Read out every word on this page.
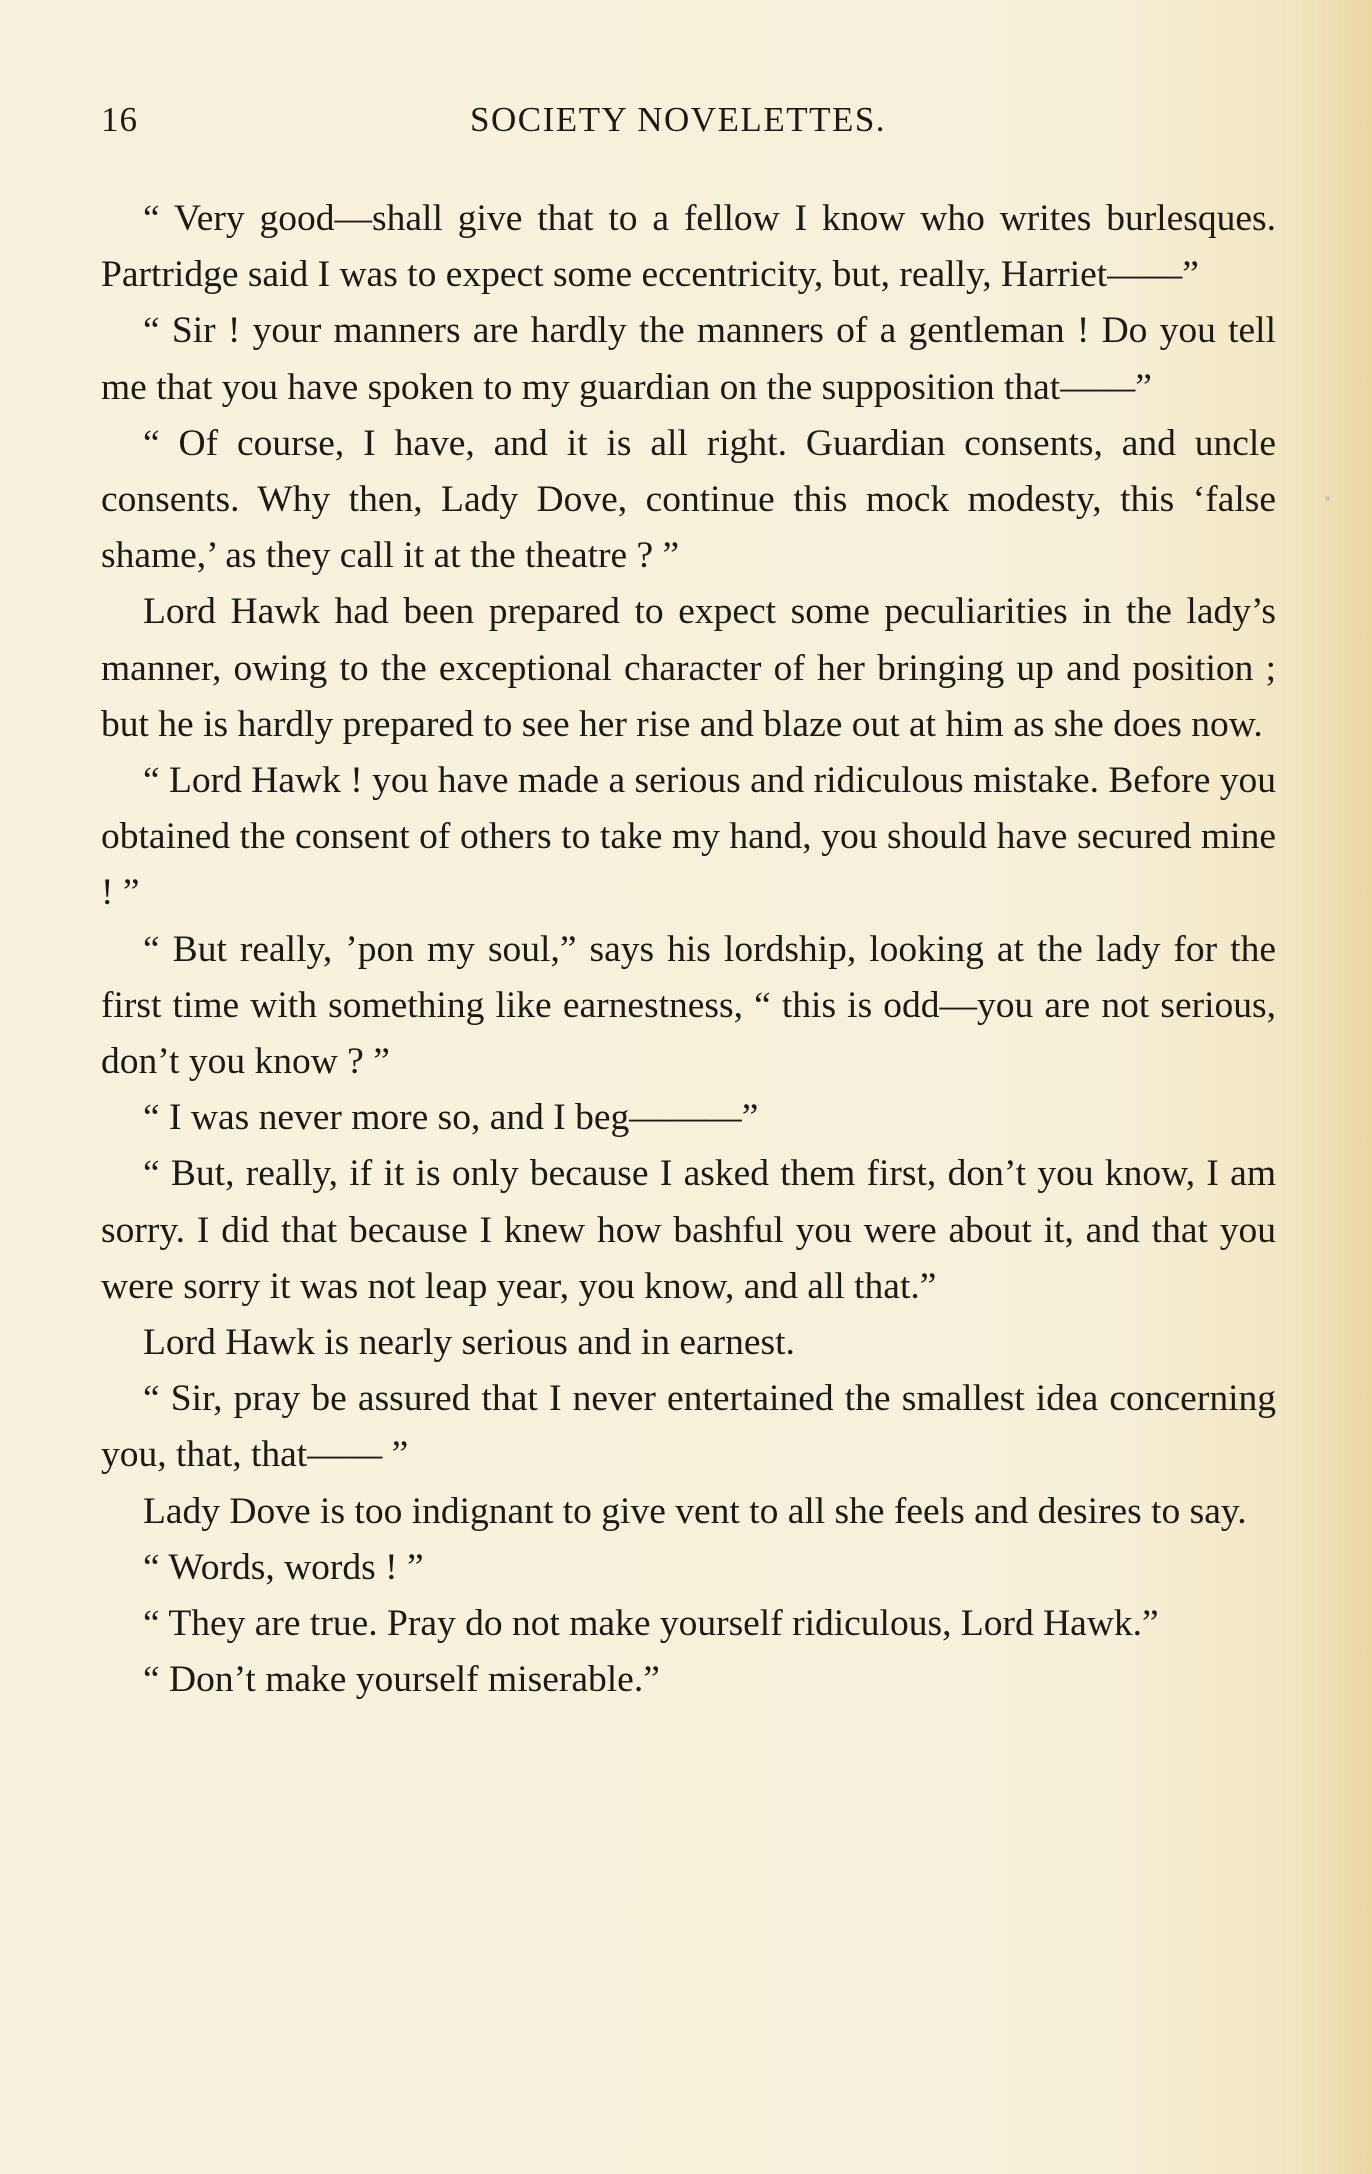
16	SOCIETY NOVELETTES.

“ Very good—shall give that to a fellow I know who writes burlesques. Partridge said I was to expect some eccentricity, but, really, Harriet——”

“ Sir ! your manners are hardly the manners of a gentleman ! Do you tell me that you have spoken to my guardian on the supposition that——”

“ Of course, I have, and it is all right. Guardian consents, and uncle consents. Why then, Lady Dove, continue this mock modesty, this ‘false shame,’ as they call it at the theatre ? ”

Lord Hawk had been prepared to expect some peculiarities in the lady’s manner, owing to the exceptional character of her bringing up and position ; but he is hardly prepared to see her rise and blaze out at him as she does now.

“ Lord Hawk ! you have made a serious and ridiculous mistake. Before you obtained the consent of others to take my hand, you should have secured mine ! ”

“ But really, ’pon my soul,” says his lordship, looking at the lady for the first time with something like earnestness, “ this is odd—you are not serious, don’t you know ? ”

“ I was never more so, and I beg———”

“ But, really, if it is only because I asked them first, don’t you know, I am sorry. I did that because I knew how bashful you were about it, and that you were sorry it was not leap year, you know, and all that.”

Lord Hawk is nearly serious and in earnest.

“ Sir, pray be assured that I never entertained the smallest idea concerning you, that, that—— ”

Lady Dove is too indignant to give vent to all she feels and desires to say.

“ Words, words ! ”

“ They are true. Pray do not make yourself ridiculous, Lord Hawk.”

“ Don’t make yourself miserable.”
